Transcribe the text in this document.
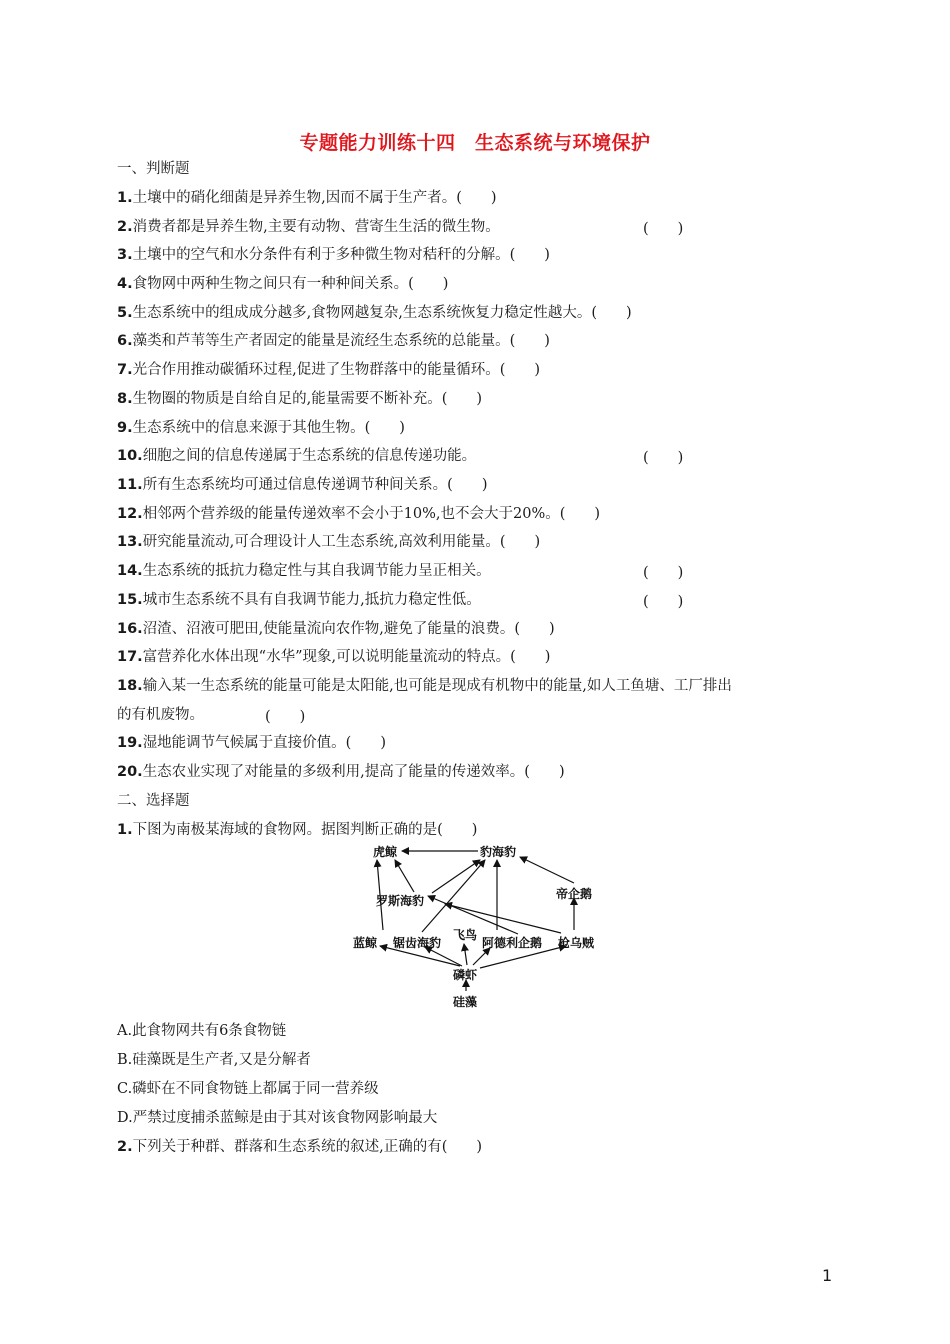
专题能力训练十四　生态系统与环境保护
一、判断题
1.土壤中的硝化细菌是异养生物,因而不属于生产者。(　　)
2.消费者都是异养生物,主要有动物、营寄生生活的微生物。	(　　)
3.土壤中的空气和水分条件有利于多种微生物对秸秆的分解。(　　)
4.食物网中两种生物之间只有一种种间关系。(　　)
5.生态系统中的组成成分越多,食物网越复杂,生态系统恢复力稳定性越大。(　　)
6.藻类和芦苇等生产者固定的能量是流经生态系统的总能量。(　　)
7.光合作用推动碳循环过程,促进了生物群落中的能量循环。(　　)
8.生物圈的物质是自给自足的,能量需要不断补充。(　　)
9.生态系统中的信息来源于其他生物。(　　)
10.细胞之间的信息传递属于生态系统的信息传递功能。	(　　)
11.所有生态系统均可通过信息传递调节种间关系。(　　)
12.相邻两个营养级的能量传递效率不会小于10%,也不会大于20%。(　　)
13.研究能量流动,可合理设计人工生态系统,高效利用能量。(　　)
14.生态系统的抵抗力稳定性与其自我调节能力呈正相关。	(　　)
15.城市生态系统不具有自我调节能力,抵抗力稳定性低。	(　　)
16.沼渣、沼液可肥田,使能量流向农作物,避免了能量的浪费。(　　)
17.富营养化水体出现“水华”现象,可以说明能量流动的特点。(　　)
18.输入某一生态系统的能量可能是太阳能,也可能是现成有机物中的能量,如人工鱼塘、工厂排出
的有机废物。	(　　)
19.湿地能调节气候属于直接价值。(　　)
20.生态农业实现了对能量的多级利用,提高了能量的传递效率。(　　)
二、选择题
1.下图为南极某海域的食物网。据图判断正确的是(　　)
虎鲸	豹海豹
罗斯海豹	帝企鹅
飞鸟
蓝鲸 锯齿海豹	阿德利企鹅 枪乌贼
磷虾
硅藻
A.此食物网共有6条食物链
B.硅藻既是生产者,又是分解者
C.磷虾在不同食物链上都属于同一营养级
D.严禁过度捕杀蓝鲸是由于其对该食物网影响最大
2.下列关于种群、群落和生态系统的叙述,正确的有(　　)
1
